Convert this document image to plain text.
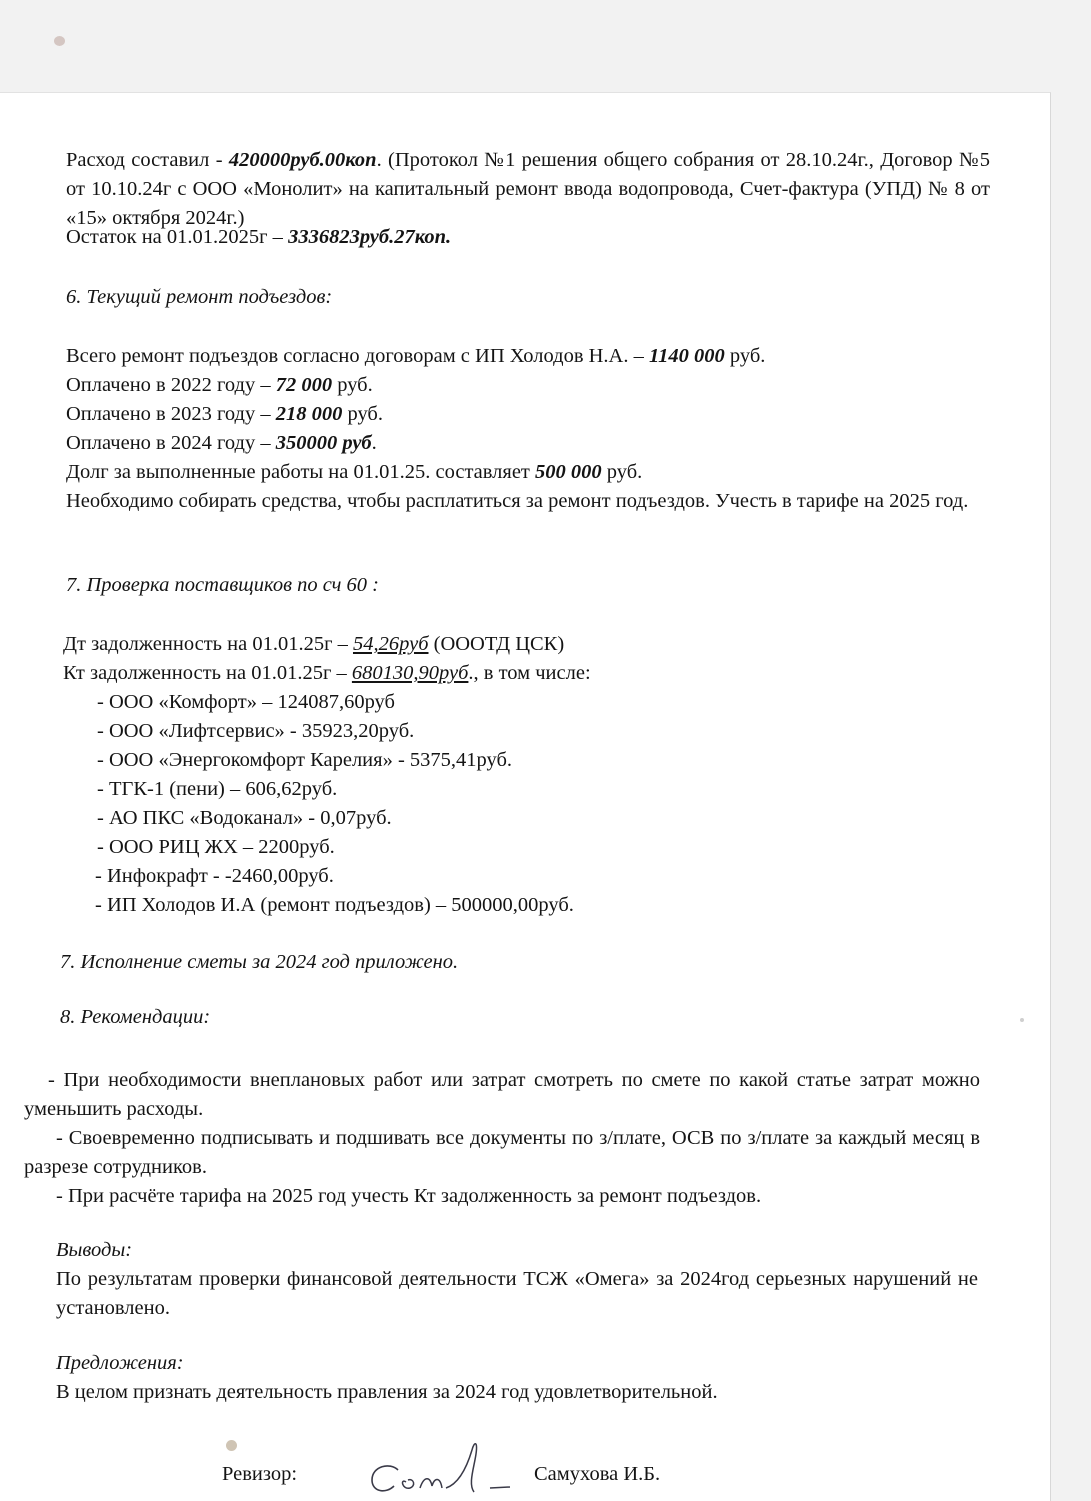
Расход составил - 420000руб.00коп. (Протокол №1 решения общего собрания от 28.10.24г., Договор №5 от 10.10.24г с ООО «Монолит» на капитальный ремонт ввода водопровода, Счет-фактура (УПД) № 8 от «15» октября 2024г.)

Остаток на 01.01.2025г – 3336823руб.27коп.

6. Текущий ремонт подъездов:

Всего ремонт подъездов согласно договорам с ИП Холодов Н.А. – 1140 000 руб.
Оплачено в 2022 году – 72 000 руб.
Оплачено в 2023 году – 218 000 руб.
Оплачено в 2024 году – 350000 руб.
Долг за выполненные работы на 01.01.25. составляет 500 000 руб.
Необходимо собирать средства, чтобы расплатиться за ремонт подъездов. Учесть в тарифе на 2025 год.

7. Проверка поставщиков по сч 60 :

Дт задолженность на 01.01.25г – 54,26руб (ОООТД ЦСК)
Кт задолженность на 01.01.25г – 680130,90руб., в том числе:
- ООО «Комфорт» – 124087,60руб
- ООО «Лифтсервис» - 35923,20руб.
- ООО «Энергокомфорт Карелия» - 5375,41руб.
- ТГК-1 (пени) – 606,62руб.
- АО ПКС «Водоканал» - 0,07руб.
- ООО РИЦ ЖХ – 2200руб.
- Инфокрафт - -2460,00руб.
- ИП Холодов И.А (ремонт подъездов) – 500000,00руб.

7. Исполнение сметы за 2024 год приложено.

8. Рекомендации:

- При необходимости внеплановых работ или затрат смотреть по смете по какой статье затрат можно уменьшить расходы.

- Своевременно подписывать и подшивать все документы по з/плате, ОСВ по з/плате за каждый месяц в разрезе сотрудников.

- При расчёте тарифа на 2025 год учесть Кт задолженность за ремонт подъездов.

Выводы:

По результатам проверки финансовой деятельности ТСЖ «Омега» за 2024год серьезных нарушений не установлено.

Предложения:

В целом признать деятельность правления за 2024 год удовлетворительной.

Ревизор:	Самухова И.Б.
